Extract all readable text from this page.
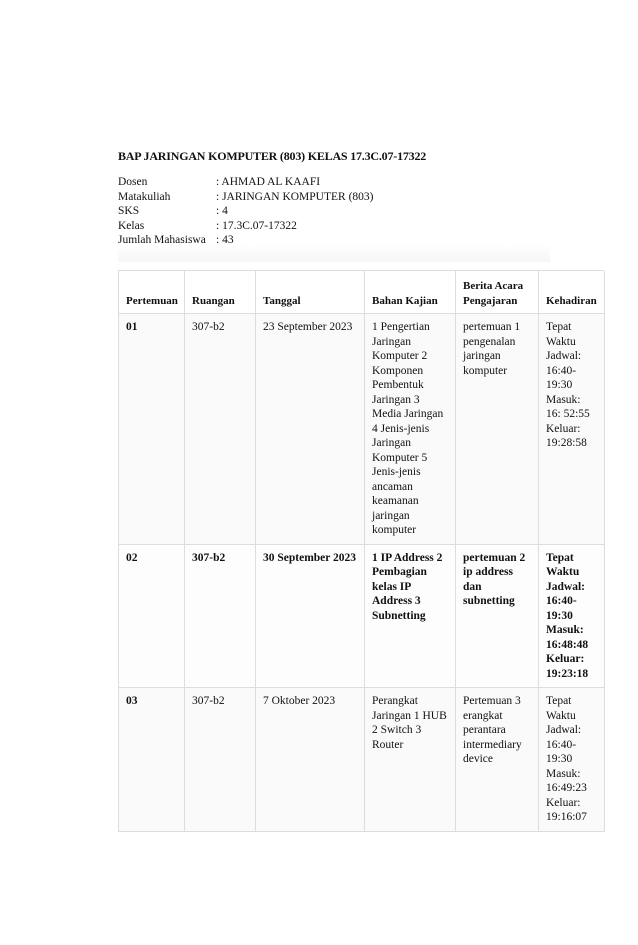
BAP JARINGAN KOMPUTER (803) KELAS 17.3C.07-17322
Dosen	: AHMAD AL KAAFI
Matakuliah	: JARINGAN KOMPUTER (803)
SKS	: 4
Kelas	: 17.3C.07-17322
Jumlah Mahasiswa : 43
Pertemuan	Ruangan	Tanggal	Bahan Kajian	Berita Acara Pengajaran	Kehadiran
01	307-b2	23 September 2023	1 Pengertian Jaringan Komputer 2 Komponen Pembentuk Jaringan 3 Media Jaringan 4 Jenis-jenis Jaringan Komputer 5 Jenis-jenis ancaman keamanan jaringan komputer	pertemuan 1 pengenalan jaringan komputer	Tepat Waktu Jadwal: 16:40-19:30 Masuk: 16: 52:55 Keluar: 19:28:58
02	307-b2	30 September 2023	1 IP Address 2 Pembagian kelas IP Address 3 Subnetting	pertemuan 2 ip address dan subnetting	Tepat Waktu Jadwal: 16:40-19:30 Masuk: 16:48:48 Keluar: 19:23:18
03	307-b2	7 Oktober 2023	Perangkat Jaringan 1 HUB 2 Switch 3 Router	Pertemuan 3 erangkat perantara intermediary device	Tepat Waktu Jadwal: 16:40-19:30 Masuk: 16:49:23 Keluar: 19:16:07
